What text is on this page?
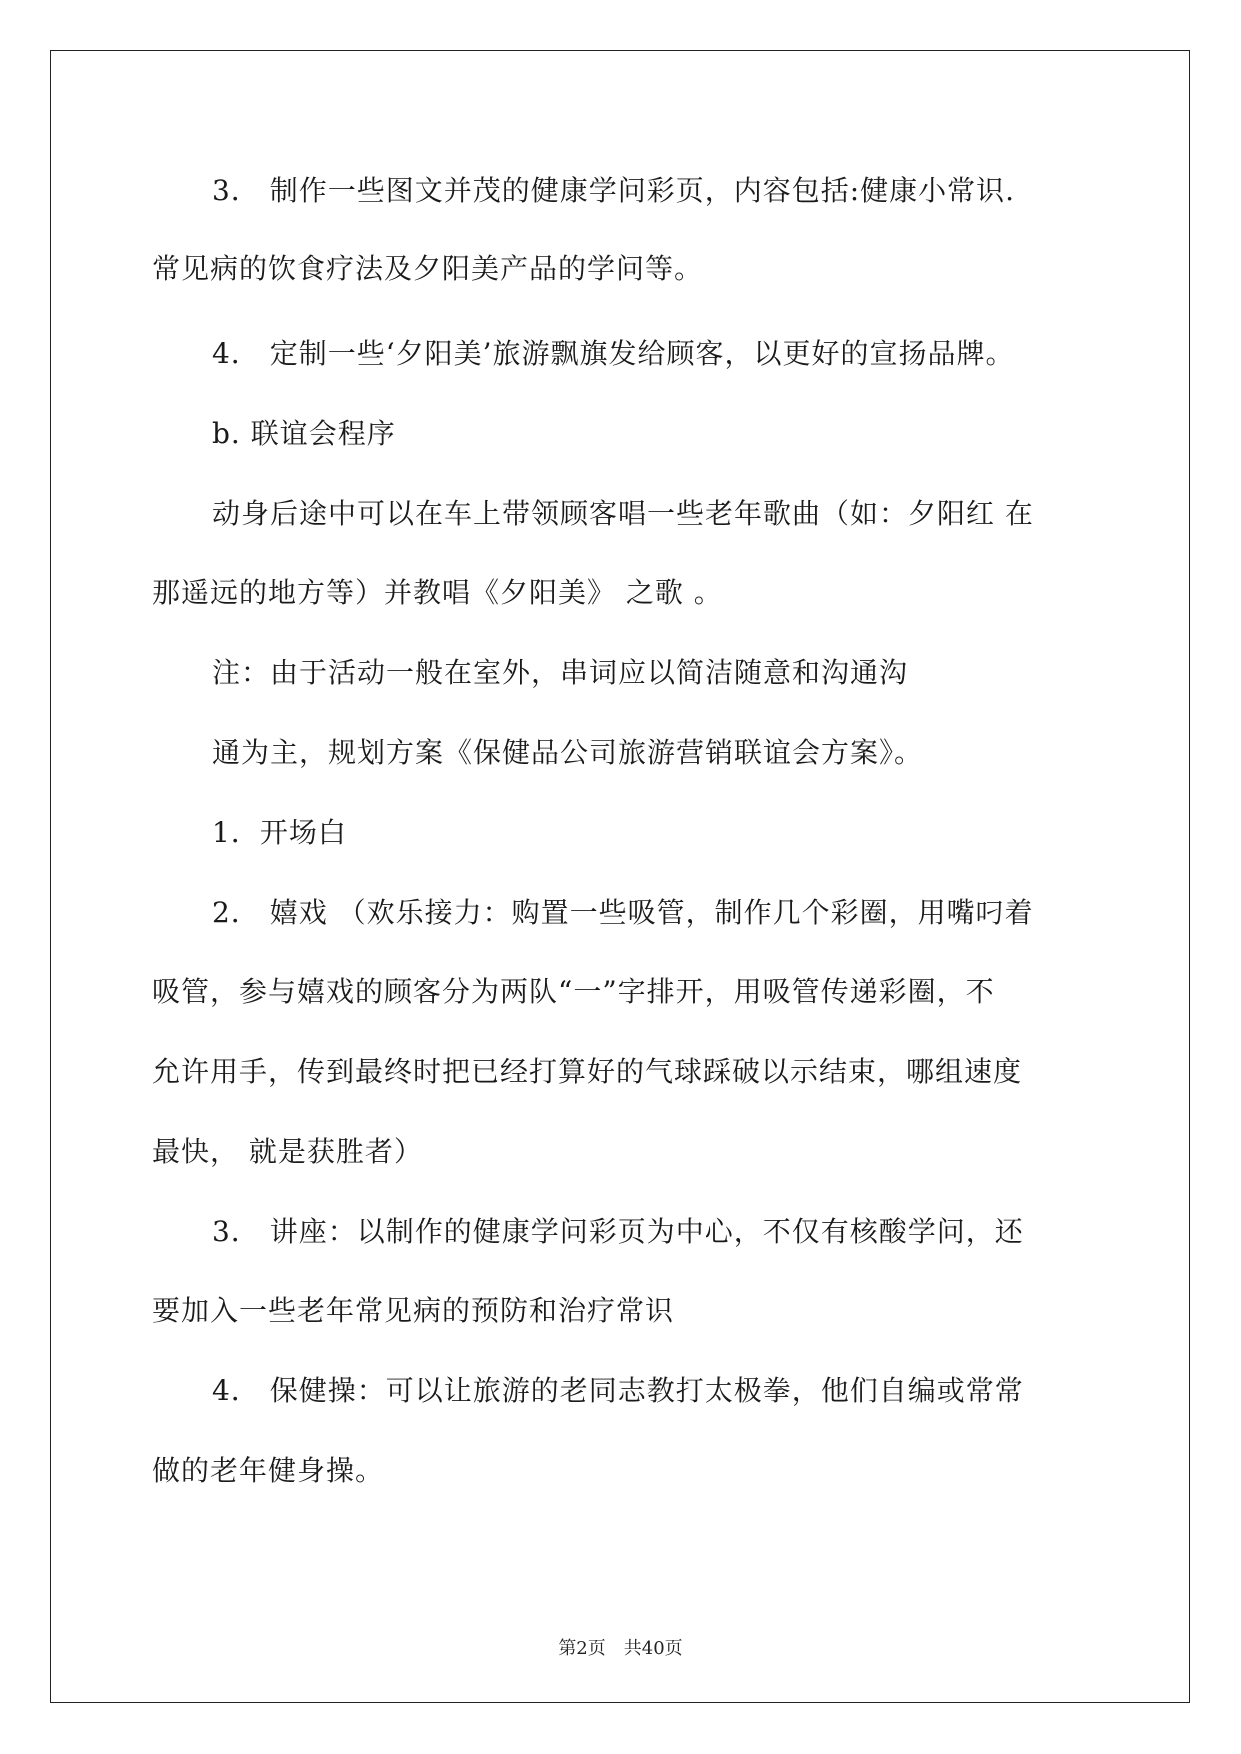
3． 制作一些图文并茂的健康学问彩页，内容包括:健康小常识.
常见病的饮食疗法及夕阳美产品的学问等。
4． 定制一些‘夕阳美’旅游飘旗发给顾客，以更好的宣扬品牌。
b. 联谊会程序
动身后途中可以在车上带领顾客唱一些老年歌曲（如：夕阳红 在
那遥远的地方等）并教唱《夕阳美》 之歌 。
注：由于活动一般在室外，串词应以简洁随意和沟通沟
通为主，规划方案《保健品公司旅游营销联谊会方案》。
1．开场白
2． 嬉戏 （欢乐接力：购置一些吸管，制作几个彩圈，用嘴叼着
吸管，参与嬉戏的顾客分为两队“一”字排开，用吸管传递彩圈，不
允许用手，传到最终时把已经打算好的气球踩破以示结束，哪组速度
最快， 就是获胜者）
3． 讲座：以制作的健康学问彩页为中心，不仅有核酸学问，还
要加入一些老年常见病的预防和治疗常识
4． 保健操：可以让旅游的老同志教打太极拳，他们自编或常常
做的老年健身操。
第2页 共40页
